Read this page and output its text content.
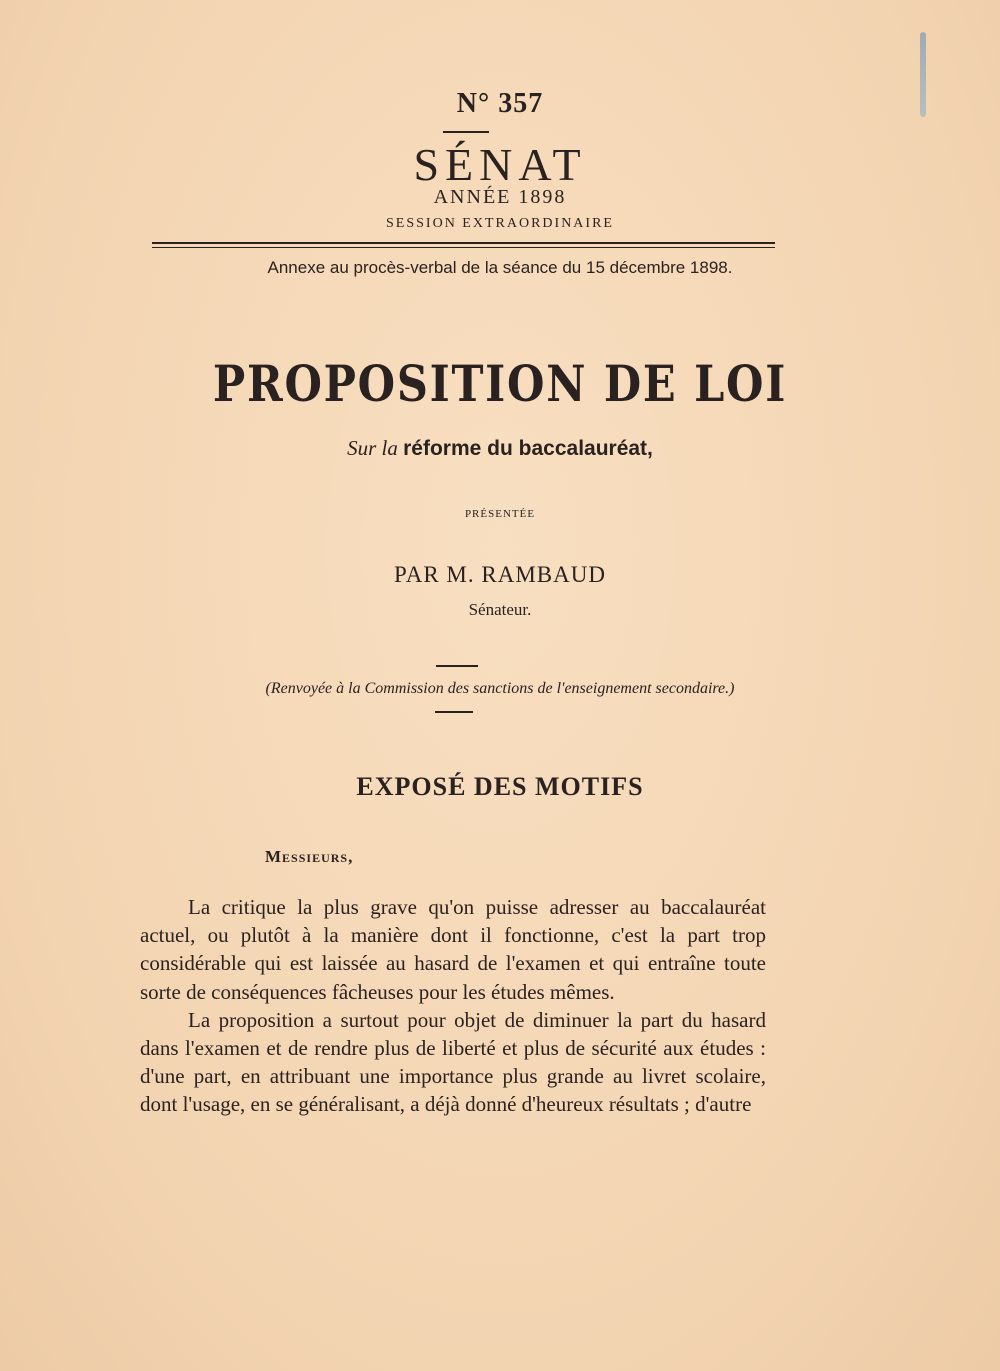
N° 357
SÉNAT
ANNÉE 1898
SESSION EXTRAORDINAIRE
Annexe au procès-verbal de la séance du 15 décembre 1898.
PROPOSITION DE LOI
Sur la réforme du baccalauréat,
PRÉSENTÉE
PAR M. RAMBAUD
Sénateur.
(Renvoyée à la Commission des sanctions de l'enseignement secondaire.)
EXPOSÉ DES MOTIFS
Messieurs,

La critique la plus grave qu'on puisse adresser au baccalauréat actuel, ou plutôt à la manière dont il fonctionne, c'est la part trop considérable qui est laissée au hasard de l'examen et qui entraîne toute sorte de conséquences fâcheuses pour les études mêmes.

La proposition a surtout pour objet de diminuer la part du hasard dans l'examen et de rendre plus de liberté et plus de sécurité aux études : d'une part, en attribuant une importance plus grande au livret scolaire, dont l'usage, en se généralisant, a déjà donné d'heureux résultats ; d'autre
